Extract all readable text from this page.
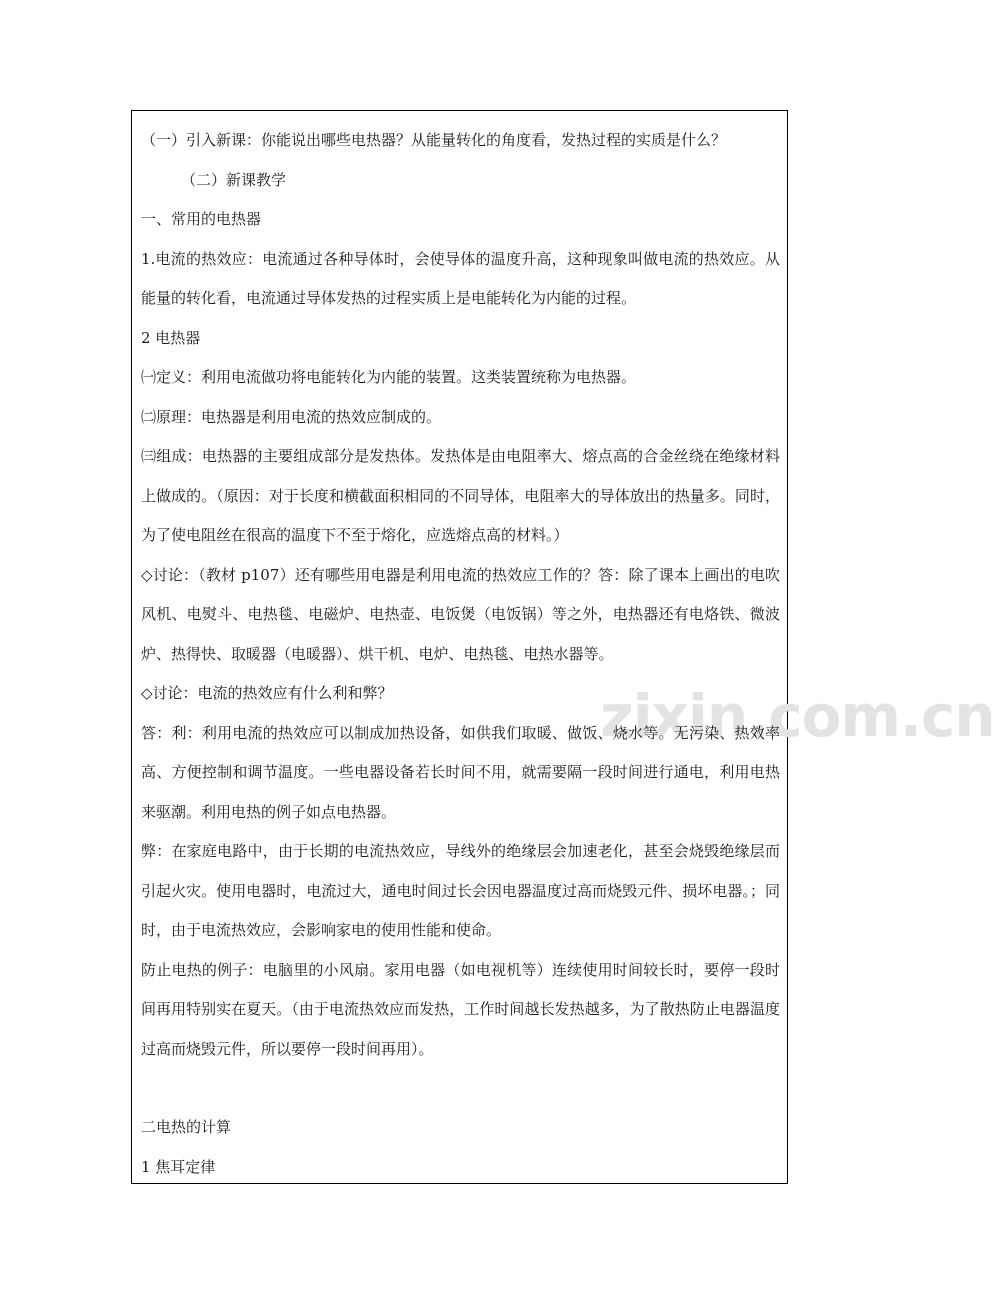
zixin.com.cn

（一）引入新课：你能说出哪些电热器？从能量转化的角度看，发热过程的实质是什么？

（二）新课教学

一、常用的电热器

1.电流的热效应：电流通过各种导体时，会使导体的温度升高，这种现象叫做电流的热效应。从能量的转化看，电流通过导体发热的过程实质上是电能转化为内能的过程。

2 电热器

㈠定义：利用电流做功将电能转化为内能的装置。这类装置统称为电热器。

㈡原理：电热器是利用电流的热效应制成的。

㈢组成：电热器的主要组成部分是发热体。发热体是由电阻率大、熔点高的合金丝绕在绝缘材料上做成的。（原因：对于长度和横截面积相同的不同导体，电阻率大的导体放出的热量多。同时，为了使电阻丝在很高的温度下不至于熔化，应选熔点高的材料。）

◇讨论：（教材 p107）还有哪些用电器是利用电流的热效应工作的？答：除了课本上画出的电吹风机、电熨斗、电热毯、电磁炉、电热壶、电饭煲（电饭锅）等之外，电热器还有电烙铁、微波炉、热得快、取暖器（电暖器）、烘干机、电炉、电热毯、电热水器等。

◇讨论：电流的热效应有什么利和弊？

答：利：利用电流的热效应可以制成加热设备，如供我们取暖、做饭、烧水等。无污染、热效率高、方便控制和调节温度。一些电器设备若长时间不用，就需要隔一段时间进行通电，利用电热来驱潮。利用电热的例子如点电热器。

弊：在家庭电路中，由于长期的电流热效应，导线外的绝缘层会加速老化，甚至会烧毁绝缘层而引起火灾。使用电器时，电流过大，通电时间过长会因电器温度过高而烧毁元件、损坏电器。；同时，由于电流热效应，会影响家电的使用性能和使命。

防止电热的例子：电脑里的小风扇。家用电器（如电视机等）连续使用时间较长时，要停一段时间再用特别实在夏天。（由于电流热效应而发热，工作时间越长发热越多，为了散热防止电器温度过高而烧毁元件，所以要停一段时间再用）。

二电热的计算

1 焦耳定律
